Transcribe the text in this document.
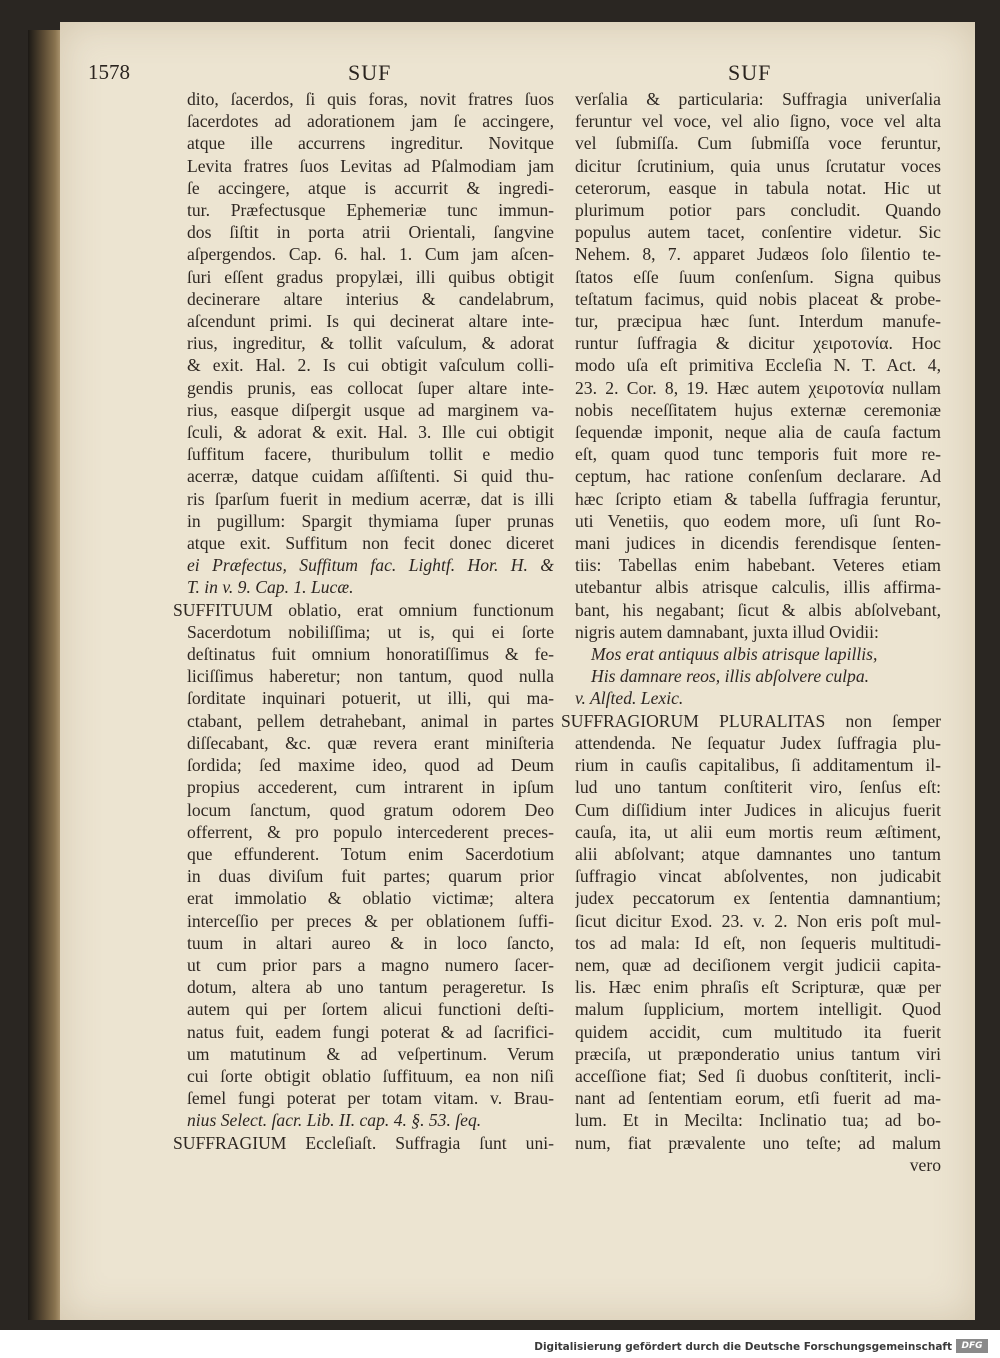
1578	SUF	SUF
dito, ſacerdos, ſi quis foras, novit fratres ſuos
ſacerdotes ad adorationem jam ſe accingere,
atque ille accurrens ingreditur. Novitque
Levita fratres ſuos Levitas ad Pſalmodiam jam
ſe accingere, atque is accurrit & ingredi-
tur. Præfectusque Ephemeriæ tunc immun-
dos ſiſtit in porta atrii Orientali, ſangvine
aſpergendos. Cap. 6. hal. 1. Cum jam aſcen-
ſuri eſſent gradus propylæi, illi quibus obtigit
decinerare altare interius & candelabrum,
aſcendunt primi. Is qui decinerat altare inte-
rius, ingreditur, & tollit vaſculum, & adorat
& exit. Hal. 2. Is cui obtigit vaſculum colli-
gendis prunis, eas collocat ſuper altare inte-
rius, easque diſpergit usque ad marginem va-
ſculi, & adorat & exit. Hal. 3. Ille cui obtigit
ſuffitum facere, thuribulum tollit e medio
acerræ, datque cuidam aſſiſtenti. Si quid thu-
ris ſparſum fuerit in medium acerræ, dat is illi
in pugillum: Spargit thymiama ſuper prunas
atque exit. Suffitum non fecit donec diceret
ei Præfectus, Suffitum fac. Lightf. Hor. H. &
T. in v. 9. Cap. 1. Lucæ.
SUFFITUUM oblatio, erat omnium functionum
Sacerdotum nobiliſſima; ut is, qui ei ſorte
deſtinatus fuit omnium honoratiſſimus & fe-
liciſſimus haberetur; non tantum, quod nulla
ſorditate inquinari potuerit, ut illi, qui ma-
ctabant, pellem detrahebant, animal in partes
diſſecabant, &c. quæ revera erant miniſteria
ſordida; ſed maxime ideo, quod ad Deum
propius accederent, cum intrarent in ipſum
locum ſanctum, quod gratum odorem Deo
offerrent, & pro populo intercederent preces-
que effunderent. Totum enim Sacerdotium
in duas diviſum fuit partes; quarum prior
erat immolatio & oblatio victimæ; altera
interceſſio per preces & per oblationem ſuffi-
tuum in altari aureo & in loco ſancto,
ut cum prior pars a magno numero ſacer-
dotum, altera ab uno tantum perageretur. Is
autem qui per ſortem alicui functioni deſti-
natus fuit, eadem fungi poterat & ad ſacrifici-
um matutinum & ad veſpertinum. Verum
cui ſorte obtigit oblatio ſuffituum, ea non niſi
ſemel fungi poterat per totam vitam. v. Brau-
nius Select. ſacr. Lib. II. cap. 4. §. 53. ſeq.
SUFFRAGIUM Eccleſiaſt. Suffragia ſunt uni-
verſalia & particularia: Suffragia univerſalia
feruntur vel voce, vel alio ſigno, voce vel alta
vel ſubmiſſa. Cum ſubmiſſa voce feruntur,
dicitur ſcrutinium, quia unus ſcrutatur voces
ceterorum, easque in tabula notat. Hic ut
plurimum potior pars concludit. Quando
populus autem tacet, conſentire videtur. Sic
Nehem. 8, 7. apparet Judæos ſolo ſilentio te-
ſtatos eſſe ſuum conſenſum. Signa quibus
teſtatum facimus, quid nobis placeat & probe-
tur, præcipua hæc ſunt. Interdum manufe-
runtur ſuffragia & dicitur χειροτονία. Hoc
modo uſa eſt primitiva Eccleſia N. T. Act. 4,
23. 2. Cor. 8, 19. Hæc autem χειροτονία nullam
nobis neceſſitatem hujus externæ ceremoniæ
ſequendæ imponit, neque alia de cauſa factum
eſt, quam quod tunc temporis fuit more re-
ceptum, hac ratione conſenſum declarare. Ad
hæc ſcripto etiam & tabella ſuffragia feruntur,
uti Venetiis, quo eodem more, uſi ſunt Ro-
mani judices in dicendis ferendisque ſenten-
tiis: Tabellas enim habebant. Veteres etiam
utebantur albis atrisque calculis, illis affirma-
bant, his negabant; ſicut & albis abſolvebant,
nigris autem damnabant, juxta illud Ovidii:
Mos erat antiquus albis atrisque lapillis,
His damnare reos, illis abſolvere culpa.
v. Alſted. Lexic.
SUFFRAGIORUM PLURALITAS non ſemper
attendenda. Ne ſequatur Judex ſuffragia plu-
rium in cauſis capitalibus, ſi additamentum il-
lud uno tantum conſtiterit viro, ſenſus eſt:
Cum diſſidium inter Judices in alicujus fuerit
cauſa, ita, ut alii eum mortis reum æſtiment,
alii abſolvant; atque damnantes uno tantum
ſuffragio vincat abſolventes, non judicabit
judex peccatorum ex ſententia damnantium;
ſicut dicitur Exod. 23. v. 2. Non eris poſt mul-
tos ad mala: Id eſt, non ſequeris multitudi-
nem, quæ ad deciſionem vergit judicii capita-
lis. Hæc enim phraſis eſt Scripturæ, quæ per
malum ſupplicium, mortem intelligit. Quod
quidem accidit, cum multitudo ita fuerit
præciſa, ut præponderatio unius tantum viri
acceſſione fiat; Sed ſi duobus conſtiterit, incli-
nant ad ſententiam eorum, etſi fuerit ad ma-
lum. Et in Mecilta: Inclinatio tua; ad bo-
num, fiat prævalente uno teſte; ad malum
vero
Digitalisierung gefördert durch die Deutsche Forschungsgemeinschaft	DFG
